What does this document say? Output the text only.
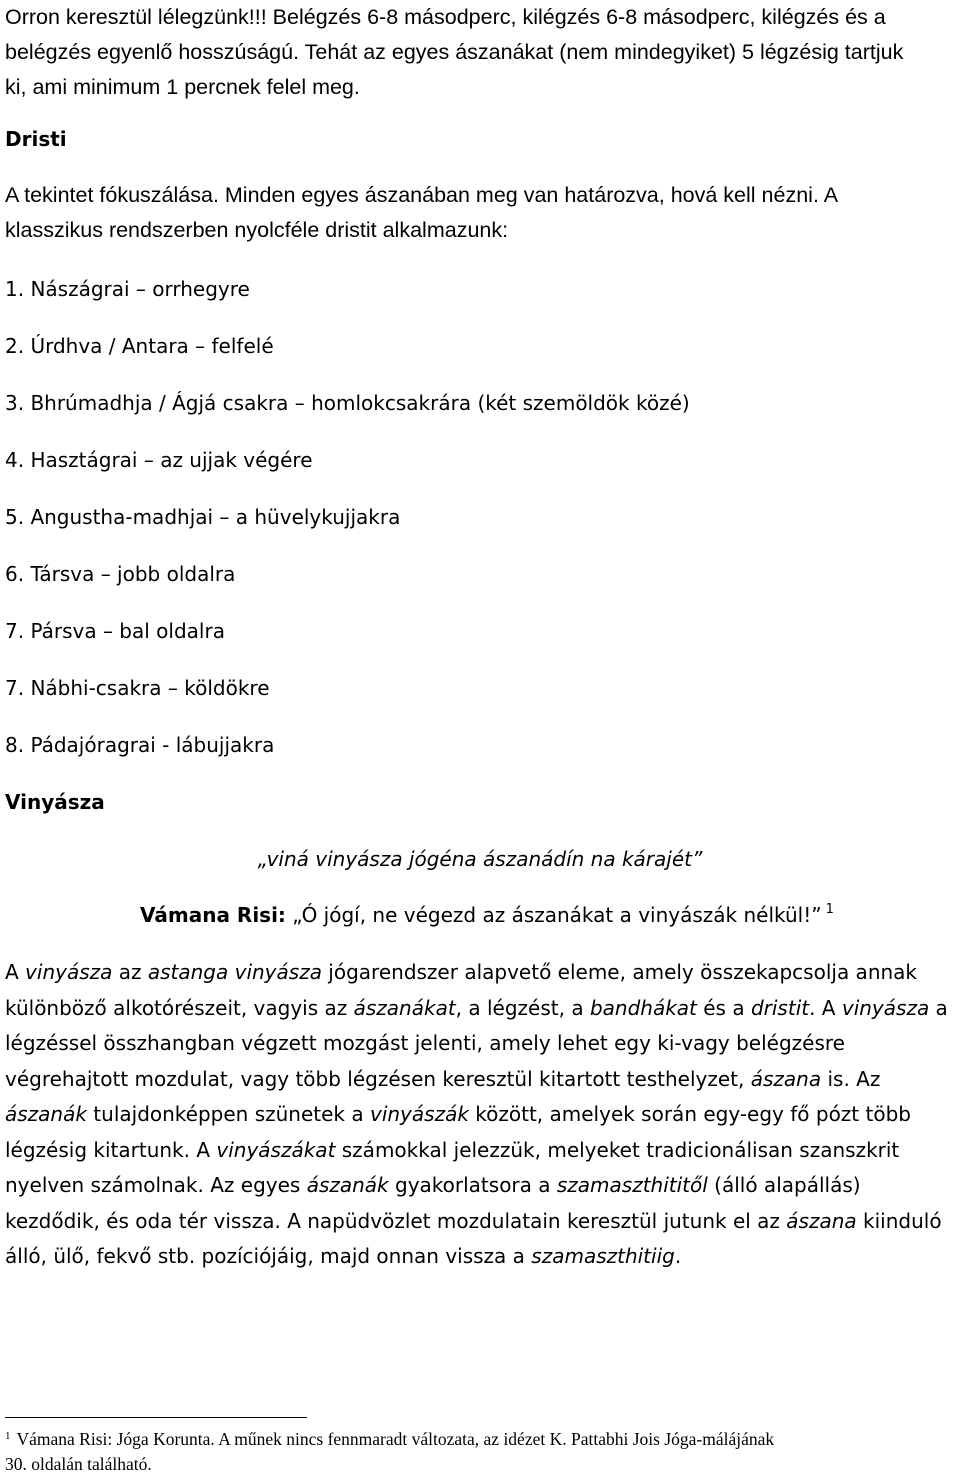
Orron keresztül lélegzünk!!! Belégzés 6-8 másodperc, kilégzés 6-8 másodperc, kilégzés és a
belégzés egyenlő hosszúságú. Tehát az egyes ászanákat (nem mindegyiket) 5 légzésig tartjuk
ki, ami minimum 1 percnek felel meg.
Dristi
A tekintet fókuszálása. Minden egyes ászanában meg van határozva, hová kell nézni. A
klasszikus rendszerben nyolcféle dristit alkalmazunk:
1. Nászágrai – orrhegyre
2. Úrdhva / Antara – felfelé
3. Bhrúmadhja / Ágjá csakra – homlokcsakrára (két szemöldök közé)
4. Hasztágrai – az ujjak végére
5. Angustha-madhjai – a hüvelykujjakra
6. Társva – jobb oldalra
7. Pársva – bal oldalra
7. Nábhi-csakra – köldökre
8. Pádajóragrai - lábujjakra
Vinyásza
„viná vinyásza jógéna ászanádín na kárajét”
Vámana Risi: „Ó jógí, ne végezd az ászanákat a vinyászák nélkül!” $^1$
A vinyásza az astanga vinyásza jógarendszer alapvető eleme, amely összekapcsolja annak
különböző alkotórészeit, vagyis az ászanákat, a légzést, a bandhákat és a dristit. A vinyásza a
légzéssel összhangban végzett mozgást jelenti, amely lehet egy ki-vagy belégzésre
végrehajtott mozdulat, vagy több légzésen keresztül kitartott testhelyzet, ászana is. Az
ászanák tulajdonképpen szünetek a vinyászák között, amelyek során egy-egy fő pózt több
légzésig kitartunk. A vinyászákat számokkal jelezzük, melyeket tradicionálisan szanszkrit
nyelven számolnak. Az egyes ászanák gyakorlatsora a szamaszthititől (álló alapállás)
kezdődik, és oda tér vissza. A napüdvözlet mozdulatain keresztül jutunk el az ászana kiinduló
álló, ülő, fekvő stb. pozíciójáig, majd onnan vissza a szamaszthitiig.
$^1$ Vámana Risi: Jóga Korunta. A műnek nincs fennmaradt változata, az idézet K. Pattabhi Jois Jóga-málájának
30. oldalán található.
